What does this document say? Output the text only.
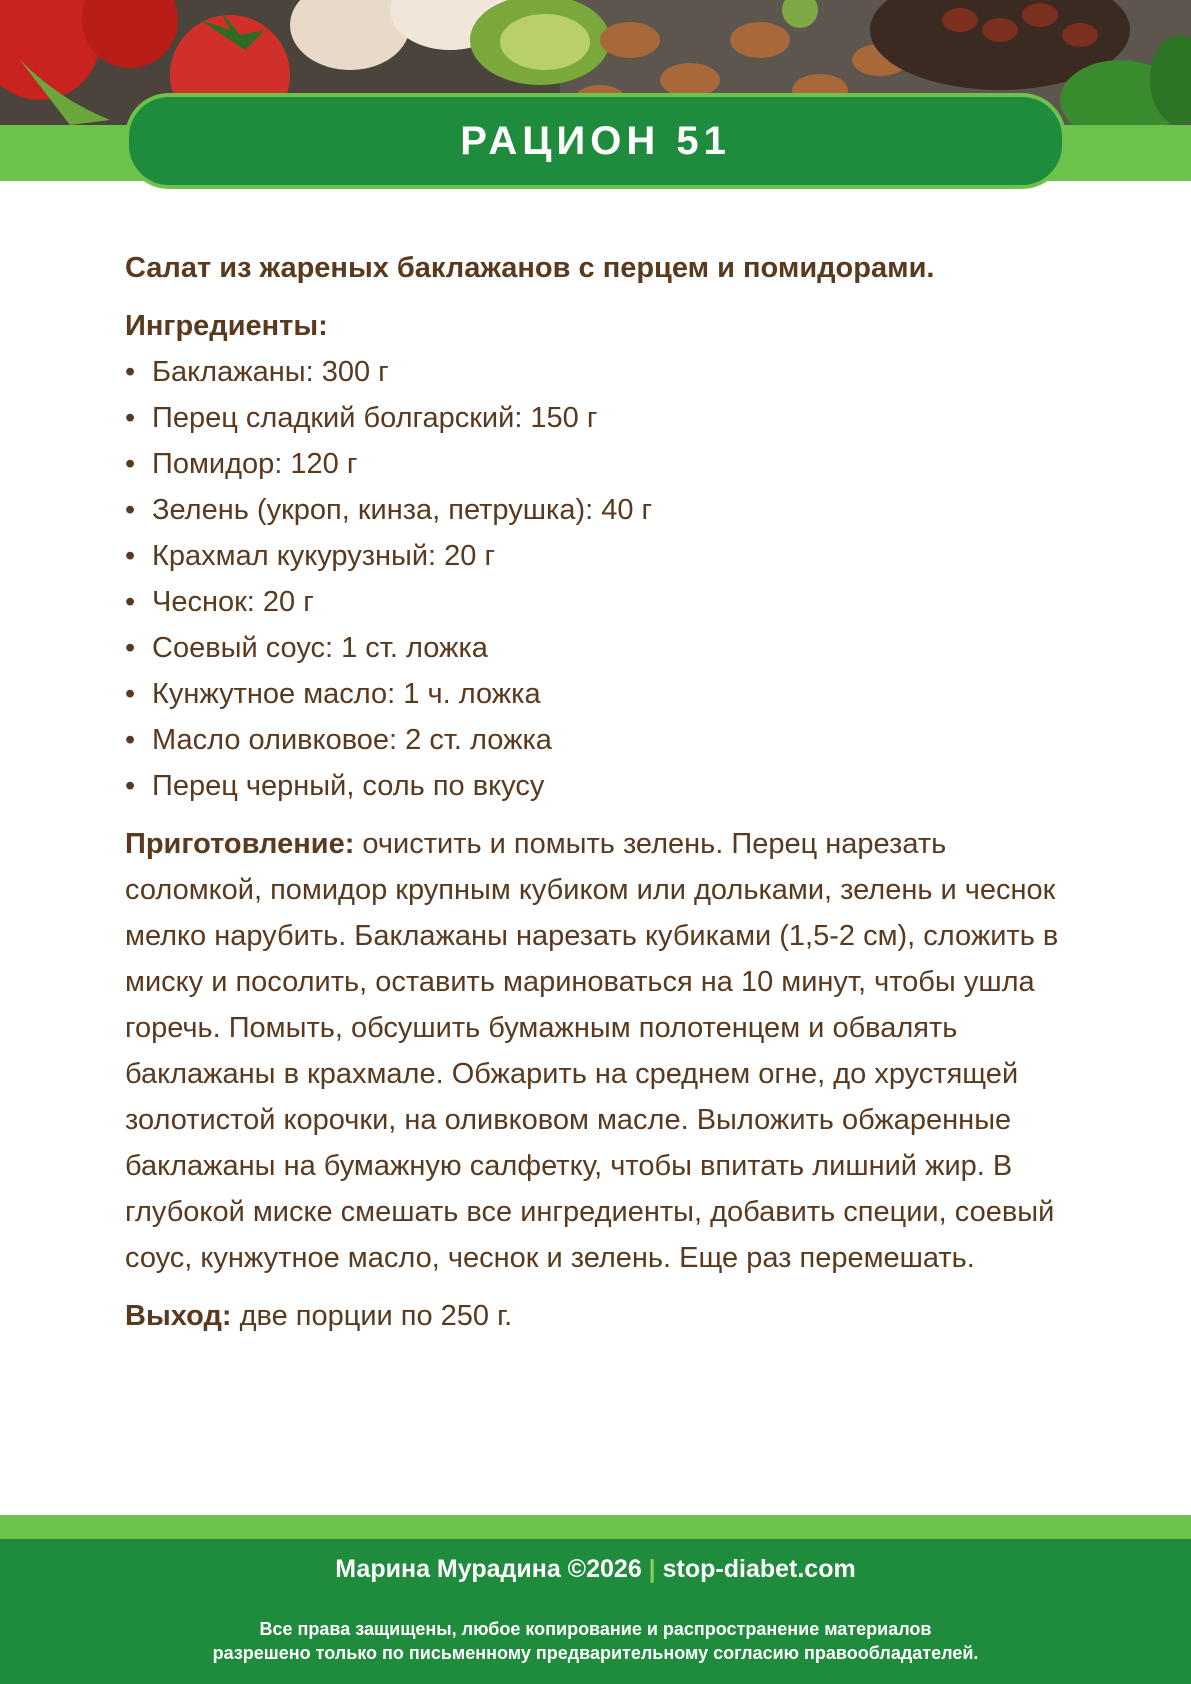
РАЦИОН 51
Салат из жареных баклажанов с перцем и помидорами.
Ингредиенты:
• Баклажаны: 300 г
• Перец сладкий болгарский: 150 г
• Помидор: 120 г
• Зелень (укроп, кинза, петрушка): 40 г
• Крахмал кукурузный: 20 г
• Чеснок: 20 г
• Соевый соус: 1 ст. ложка
• Кунжутное масло: 1 ч. ложка
• Масло оливковое: 2 ст. ложка
• Перец черный, соль по вкусу

Приготовление: очистить и помыть зелень. Перец нарезать соломкой, помидор крупным кубиком или дольками, зелень и чеснок мелко нарубить. Баклажаны нарезать кубиками (1,5-2 см), сложить в миску и посолить, оставить мариноваться на 10 минут, чтобы ушла горечь. Помыть, обсушить бумажным полотенцем и обвалять баклажаны в крахмале. Обжарить на среднем огне, до хрустящей золотистой корочки, на оливковом масле. Выложить обжаренные баклажаны на бумажную салфетку, чтобы впитать лишний жир. В глубокой миске смешать все ингредиенты, добавить специи, соевый соус, кунжутное масло, чеснок и зелень. Еще раз перемешать.

Выход: две порции по 250 г.

Марина Мурадина ©2026 | stop-diabet.com
Все права защищены, любое копирование и распространение материалов
разрешено только по письменному предварительному согласию правообладателей.
